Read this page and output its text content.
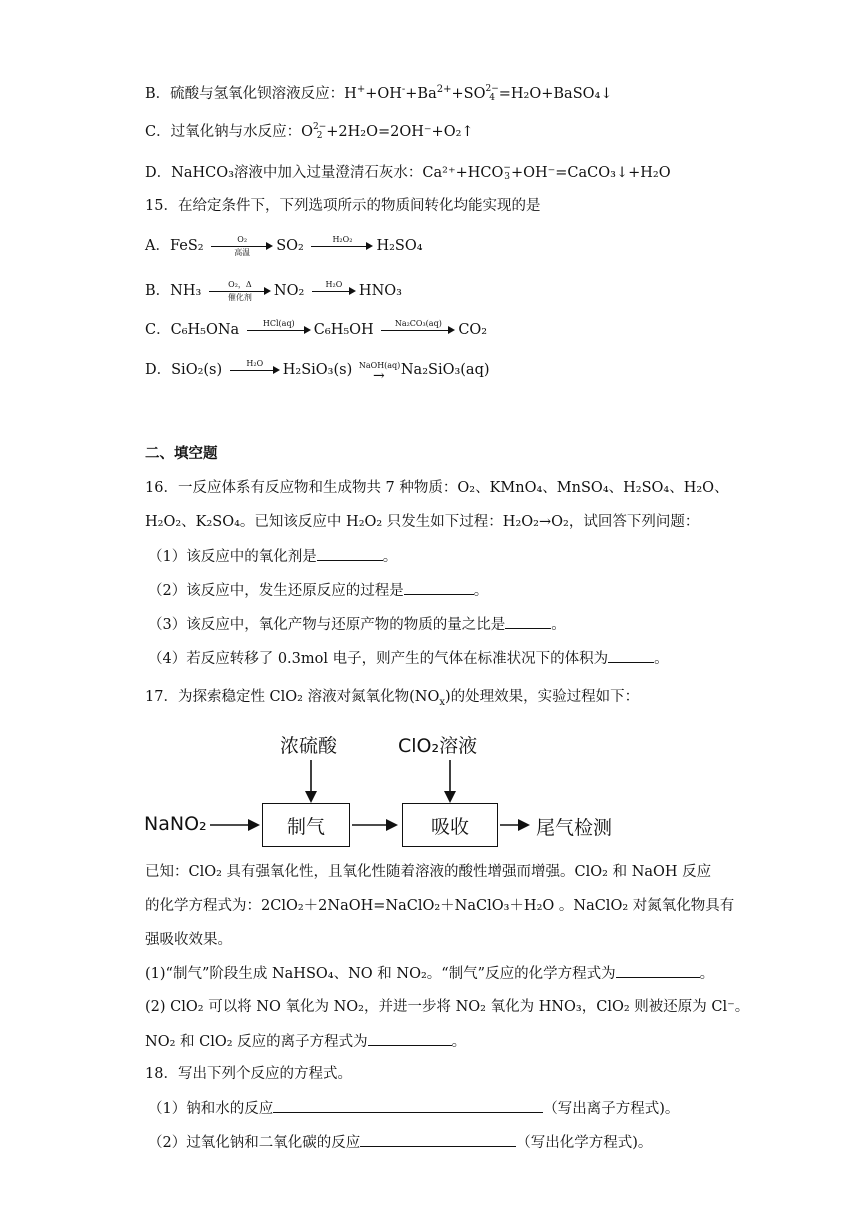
B．硫酸与氢氧化钡溶液反应：$H^++OH^-+Ba^{2+}+SO2-$
4 =H₂O+BaSO₄↓
C．过氧化钠与水反应：O2−
2 +2H₂O=2OH⁻+O₂↑
D．NaHCO₃溶液中加入过量澄清石灰水：Ca²⁺+HCO−
3+OH⁻=CaCO₃↓+H₂O
15．在给定条件下，下列选项所示的物质间转化均能实现的是
A．FeS₂	O₂
高温	SO₂	H₂O₂	H₂SO₄
B．NH₃	O₂，Δ
催化剂	NO₂	H₂O	HNO₃
C．C₆H₅ONa	HCl(aq)	C₆H₅OH	Na₂CO₃(aq)	CO₂
D．SiO₂(s)	H₂O	H₂SiO₃(s) NaOH(aq)
→	Na₂SiO₃(aq)
二、填空题
16．一反应体系有反应物和生成物共 7 种物质：O₂、KMnO₄、MnSO₄、H₂SO₄、H₂O、
H₂O₂、K₂SO₄。已知该反应中 H₂O₂ 只发生如下过程：H₂O₂→O₂，试回答下列问题：
（1）该反应中的氧化剂是	。
（2）该反应中，发生还原反应的过程是	。
（3）该反应中，氧化产物与还原产物的物质的量之比是	。
（4）若反应转移了 0.3mol 电子，则产生的气体在标准状况下的体积为	。
17．为探索稳定性 ClO₂ 溶液对氮氧化物$(NO_x)$的处理效果，实验过程如下：
浓硫酸	ClO₂溶液
NaNO₂	制气	吸收	尾气检测
已知：ClO₂ 具有强氧化性，且氧化性随着溶液的酸性增强而增强。ClO₂ 和 NaOH 反应
的化学方程式为：2ClO₂＋2NaOH=NaClO₂＋NaClO₃＋H₂O 。NaClO₂ 对氮氧化物具有
强吸收效果。
(1)“制气”阶段生成 NaHSO₄、NO 和 NO₂。“制气”反应的化学方程式为	。
(2) ClO₂ 可以将 NO 氧化为 NO₂，并进一步将 NO₂ 氧化为 HNO₃，ClO₂ 则被还原为 Cl⁻。
NO₂ 和 ClO₂ 反应的离子方程式为	。
18．写出下列个反应的方程式。
（1）钠和水的反应	（写出离子方程式)。
（2）过氧化钠和二氧化碳的反应	（写出化学方程式)。
